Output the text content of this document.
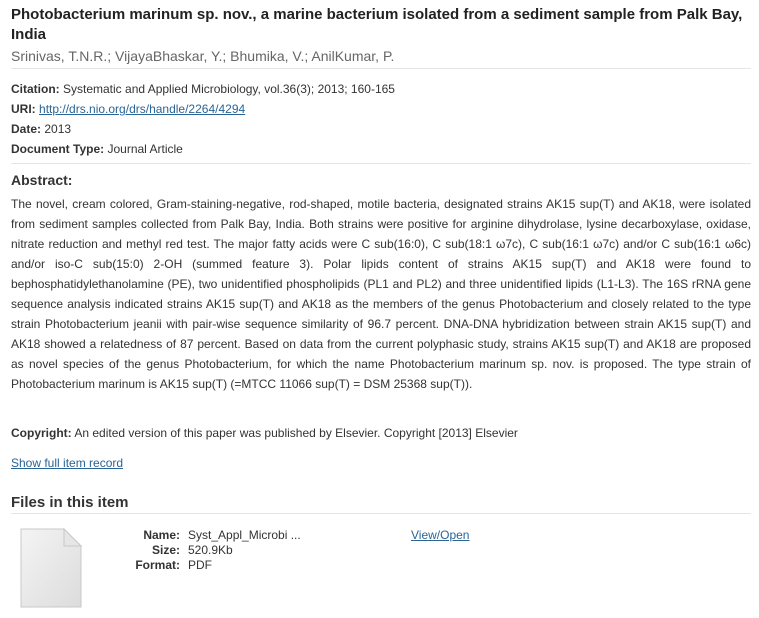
Photobacterium marinum sp. nov., a marine bacterium isolated from a sediment sample from Palk Bay, India
Srinivas, T.N.R.; VijayaBhaskar, Y.; Bhumika, V.; AnilKumar, P.
Citation: Systematic and Applied Microbiology, vol.36(3); 2013; 160-165
URI: http://drs.nio.org/drs/handle/2264/4294
Date: 2013
Document Type: Journal Article
Abstract:
The novel, cream colored, Gram-staining-negative, rod-shaped, motile bacteria, designated strains AK15 sup(T) and AK18, were isolated from sediment samples collected from Palk Bay, India. Both strains were positive for arginine dihydrolase, lysine decarboxylase, oxidase, nitrate reduction and methyl red test. The major fatty acids were C sub(16:0), C sub(18:1 ω7c), C sub(16:1 ω7c) and/or C sub(16:1 ω6c) and/or iso-C sub(15:0) 2-OH (summed feature 3). Polar lipids content of strains AK15 sup(T) and AK18 were found to bephosphatidylethanolamine (PE), two unidentified phospholipids (PL1 and PL2) and three unidentified lipids (L1-L3). The 16S rRNA gene sequence analysis indicated strains AK15 sup(T) and AK18 as the members of the genus Photobacterium and closely related to the type strain Photobacterium jeanii with pair-wise sequence similarity of 96.7 percent. DNA-DNA hybridization between strain AK15 sup(T) and AK18 showed a relatedness of 87 percent. Based on data from the current polyphasic study, strains AK15 sup(T) and AK18 are proposed as novel species of the genus Photobacterium, for which the name Photobacterium marinum sp. nov. is proposed. The type strain of Photobacterium marinum is AK15 sup(T) (=MTCC 11066 sup(T) = DSM 25368 sup(T)).
Copyright: An edited version of this paper was published by Elsevier. Copyright [2013] Elsevier
Show full item record
Files in this item
Name:
Size:
Format:
Syst_Appl_Microbi ...
520.9Kb
PDF
View/Open
